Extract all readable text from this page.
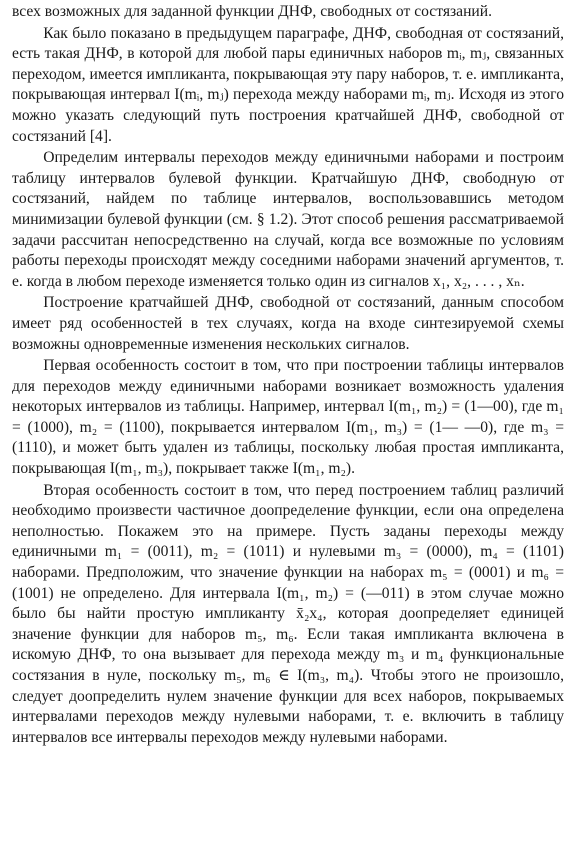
всех возможных для заданной функции ДНФ, свободных от состязаний.

Как было показано в предыдущем параграфе, ДНФ, свободная от состязаний, есть такая ДНФ, в которой для любой пары единичных наборов mᵢ, mⱼ, связанных переходом, имеется импликанта, покрывающая эту пару наборов, т. е. импликанта, покрывающая интервал I(mᵢ, mⱼ) перехода между наборами mᵢ, mⱼ. Исходя из этого можно указать следующий путь построения кратчайшей ДНФ, свободной от состязаний [4].

Определим интервалы переходов между единичными наборами и построим таблицу интервалов булевой функции. Кратчайшую ДНФ, свободную от состязаний, найдем по таблице интервалов, воспользовавшись методом минимизации булевой функции (см. § 1.2). Этот способ решения рассматриваемой задачи рассчитан непосредственно на случай, когда все возможные по условиям работы переходы происходят между соседними наборами значений аргументов, т. е. когда в любом переходе изменяется только один из сигналов x₁, x₂, . . . , xₙ.

Построение кратчайшей ДНФ, свободной от состязаний, данным способом имеет ряд особенностей в тех случаях, когда на входе синтезируемой схемы возможны одновременные изменения нескольких сигналов.

Первая особенность состоит в том, что при построении таблицы интервалов для переходов между единичными наборами возникает возможность удаления некоторых интервалов из таблицы. Например, интервал I(m₁, m₂) = (1—00), где m₁ = (1000), m₂ = (1100), покрывается интервалом I(m₁, m₃) = (1— —0), где m₃ = (1110), и может быть удален из таблицы, поскольку любая простая импликанта, покрывающая I(m₁, m₃), покрывает также I(m₁, m₂).

Вторая особенность состоит в том, что перед построением таблиц различий необходимо произвести частичное доопределение функции, если она определена неполностью. Покажем это на примере. Пусть заданы переходы между единичными m₁ = (0011), m₂ = (1011) и нулевыми m₃ = (0000), m₄ = (1101) наборами. Предположим, что значение функции на наборах m₅ = (0001) и m₆ = (1001) не определено. Для интервала I(m₁, m₂) = (—011) в этом случае можно было бы найти простую импликанту x̄₂x₄, которая доопределяет единицей значение функции для наборов m₅, m₆. Если такая импликанта включена в искомую ДНФ, то она вызывает для перехода между m₃ и m₄ функциональные состязания в нуле, поскольку m₅, m₆ ∈ I(m₃, m₄). Чтобы этого не произошло, следует доопределить нулем значение функции для всех наборов, покрываемых интервалами переходов между нулевыми наборами, т. е. включить в таблицу интервалов все интервалы переходов между нулевыми наборами.
